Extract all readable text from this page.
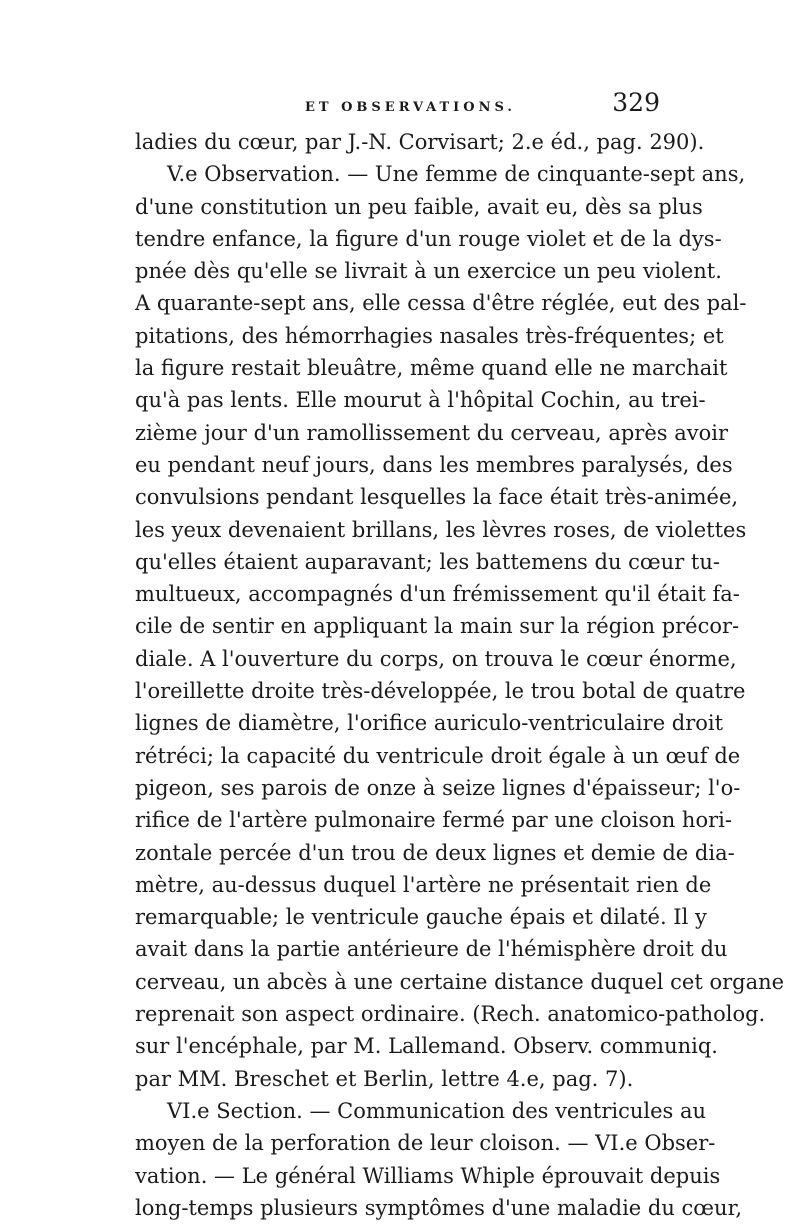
ET OBSERVATIONS.	329
ladies du cœur, par J.-N. Corvisart; 2.e éd., pag. 290).
V.e Observation. — Une femme de cinquante-sept ans,
d'une constitution un peu faible, avait eu, dès sa plus
tendre enfance, la figure d'un rouge violet et de la dys-
pnée dès qu'elle se livrait à un exercice un peu violent.
A quarante-sept ans, elle cessa d'être réglée, eut des pal-
pitations, des hémorrhagies nasales très-fréquentes; et
la figure restait bleuâtre, même quand elle ne marchait
qu'à pas lents. Elle mourut à l'hôpital Cochin, au trei-
zième jour d'un ramollissement du cerveau, après avoir
eu pendant neuf jours, dans les membres paralysés, des
convulsions pendant lesquelles la face était très-animée,
les yeux devenaient brillans, les lèvres roses, de violettes
qu'elles étaient auparavant; les battemens du cœur tu-
multueux, accompagnés d'un frémissement qu'il était fa-
cile de sentir en appliquant la main sur la région précor-
diale. A l'ouverture du corps, on trouva le cœur énorme,
l'oreillette droite très-développée, le trou botal de quatre
lignes de diamètre, l'orifice auriculo-ventriculaire droit
rétréci; la capacité du ventricule droit égale à un œuf de
pigeon, ses parois de onze à seize lignes d'épaisseur; l'o-
rifice de l'artère pulmonaire fermé par une cloison hori-
zontale percée d'un trou de deux lignes et demie de dia-
mètre, au-dessus duquel l'artère ne présentait rien de
remarquable; le ventricule gauche épais et dilaté. Il y
avait dans la partie antérieure de l'hémisphère droit du
cerveau, un abcès à une certaine distance duquel cet organe
reprenait son aspect ordinaire. (Rech. anatomico-patholog.
sur l'encéphale, par M. Lallemand. Observ. communiq.
par MM. Breschet et Berlin, lettre 4.e, pag. 7).
VI.e Section. — Communication des ventricules au
moyen de la perforation de leur cloison. — VI.e Obser-
vation. — Le général Williams Whiple éprouvait depuis
long-temps plusieurs symptômes d'une maladie du cœur,
